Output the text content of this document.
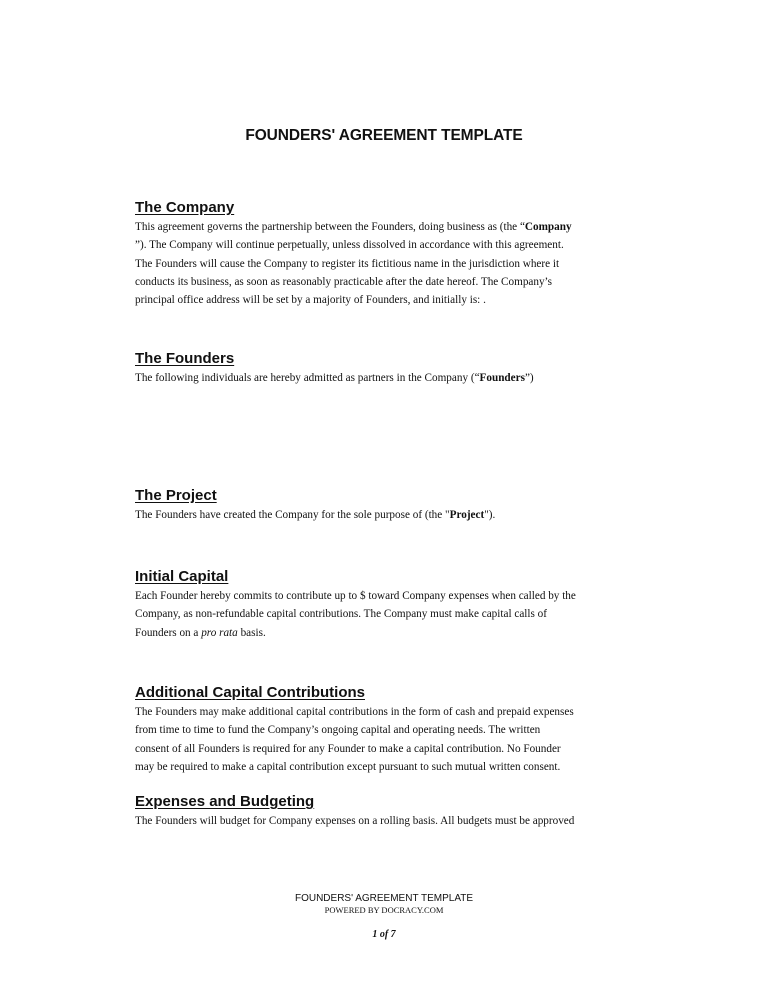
FOUNDERS' AGREEMENT TEMPLATE
The Company

This agreement governs the partnership between the Founders, doing business as (the “Company
”). The Company will continue perpetually, unless dissolved in accordance with this agreement.
The Founders will cause the Company to register its fictitious name in the jurisdiction where it
conducts its business, as soon as reasonably practicable after the date hereof. The Company’s
principal office address will be set by a majority of Founders, and initially is: .

The Founders

The following individuals are hereby admitted as partners in the Company (“Founders”)

The Project

The Founders have created the Company for the sole purpose of (the "Project").

Initial Capital

Each Founder hereby commits to contribute up to $ toward Company expenses when called by the
Company, as non-refundable capital contributions. The Company must make capital calls of
Founders on a pro rata basis.

Additional Capital Contributions

The Founders may make additional capital contributions in the form of cash and prepaid expenses
from time to time to fund the Company’s ongoing capital and operating needs. The written
consent of all Founders is required for any Founder to make a capital contribution. No Founder
may be required to make a capital contribution except pursuant to such mutual written consent.

Expenses and Budgeting

The Founders will budget for Company expenses on a rolling basis. All budgets must be approved

FOUNDERS' AGREEMENT TEMPLATE

POWERED BY DOCRACY.COM

1 of 7
